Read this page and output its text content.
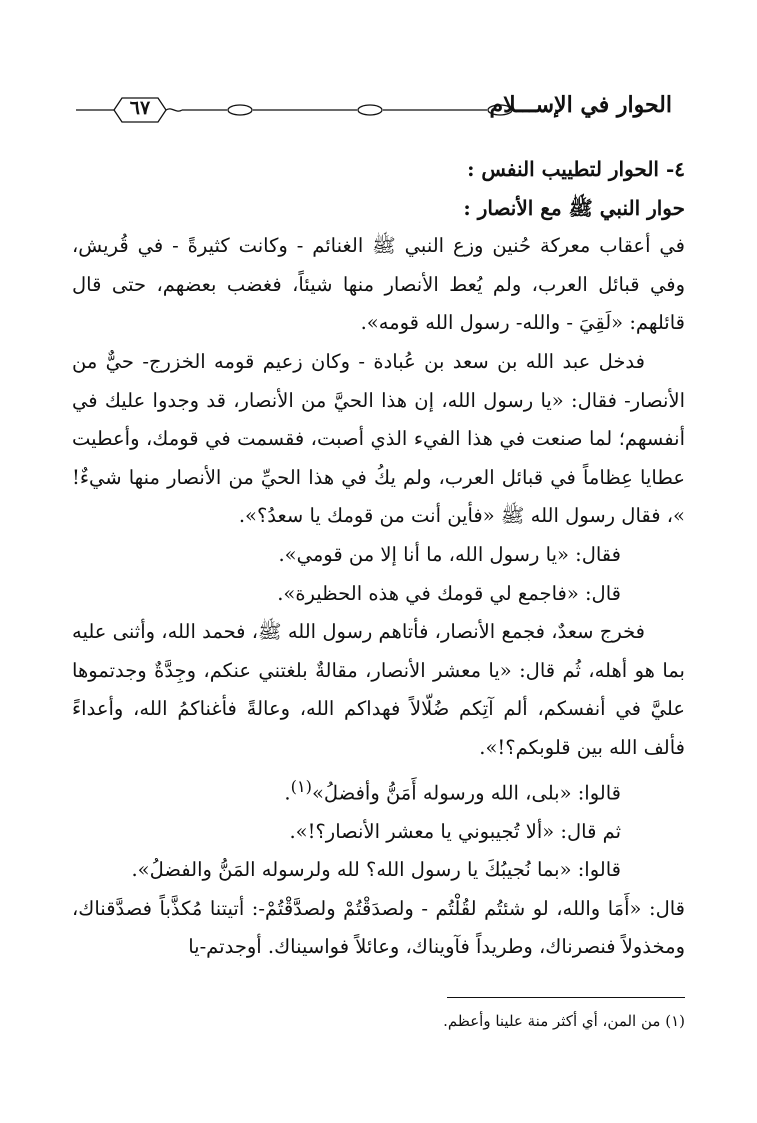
٦٧	الحوار في الإســـلام

٤- الحوار لتطييب النفس :

حوار النبي ﷺ مع الأنصار :

في أعقاب معركة حُنين وزع النبي ﷺ الغنائم - وكانت كثيرةً - في قُريش، وفي قبائل العرب، ولم يُعط الأنصار منها شيئاً، فغضب بعضهم، حتى قال قائلهم: «لَقِيَ - والله- رسول الله قومه».

فدخل عبد الله بن سعد بن عُبادة - وكان زعيم قومه الخزرج- حيٌّ من الأنصار- فقال: «يا رسول الله، إن هذا الحيَّ من الأنصار، قد وجدوا عليك في أنفسهم؛ لما صنعت في هذا الفيء الذي أصبت، فقسمت في قومك، وأعطيت عطايا عِظاماً في قبائل العرب، ولم يكُ في هذا الحيِّ من الأنصار منها شيءٌ! »، فقال رسول الله ﷺ «فأين أنت من قومك يا سعدُ؟».

فقال: «يا رسول الله، ما أنا إلا من قومي».

قال: «فاجمع لي قومك في هذه الحظيرة».

فخرج سعدٌ، فجمع الأنصار، فأتاهم رسول الله ﷺ، فحمد الله، وأثنى عليه بما هو أهله، ثُم قال: «يا معشر الأنصار، مقالةٌ بلغتني عنكم، وجِدَّةٌ وجدتموها عليَّ في أنفسكم، ألم آتِكم ضُلّالاً فهداكم الله، وعالةً فأغناكمُ الله، وأعداءً فألف الله بين قلوبكم؟!».

قالوا: «بلى، الله ورسوله أَمَنُّ وأفضلُ»$^{(١)}$.

ثم قال: «ألا تُجيبوني يا معشر الأنصار؟!».

قالوا: «بما نُجيبُكَ يا رسول الله؟ لله ولرسوله المَنُّ والفضلُ».

قال: «أَمَا والله، لو شئتُم لقُلْتُم - ولصدَقْتُمْ ولصدَّقْتُمْ-: أتيتنا مُكذَّباً فصدَّقناك، ومخذولاً فنصرناك، وطريداً فآويناك، وعائلاً فواسيناك. أوجدتم-يا

(١) من المن، أي أكثر منة علينا وأعظم.
